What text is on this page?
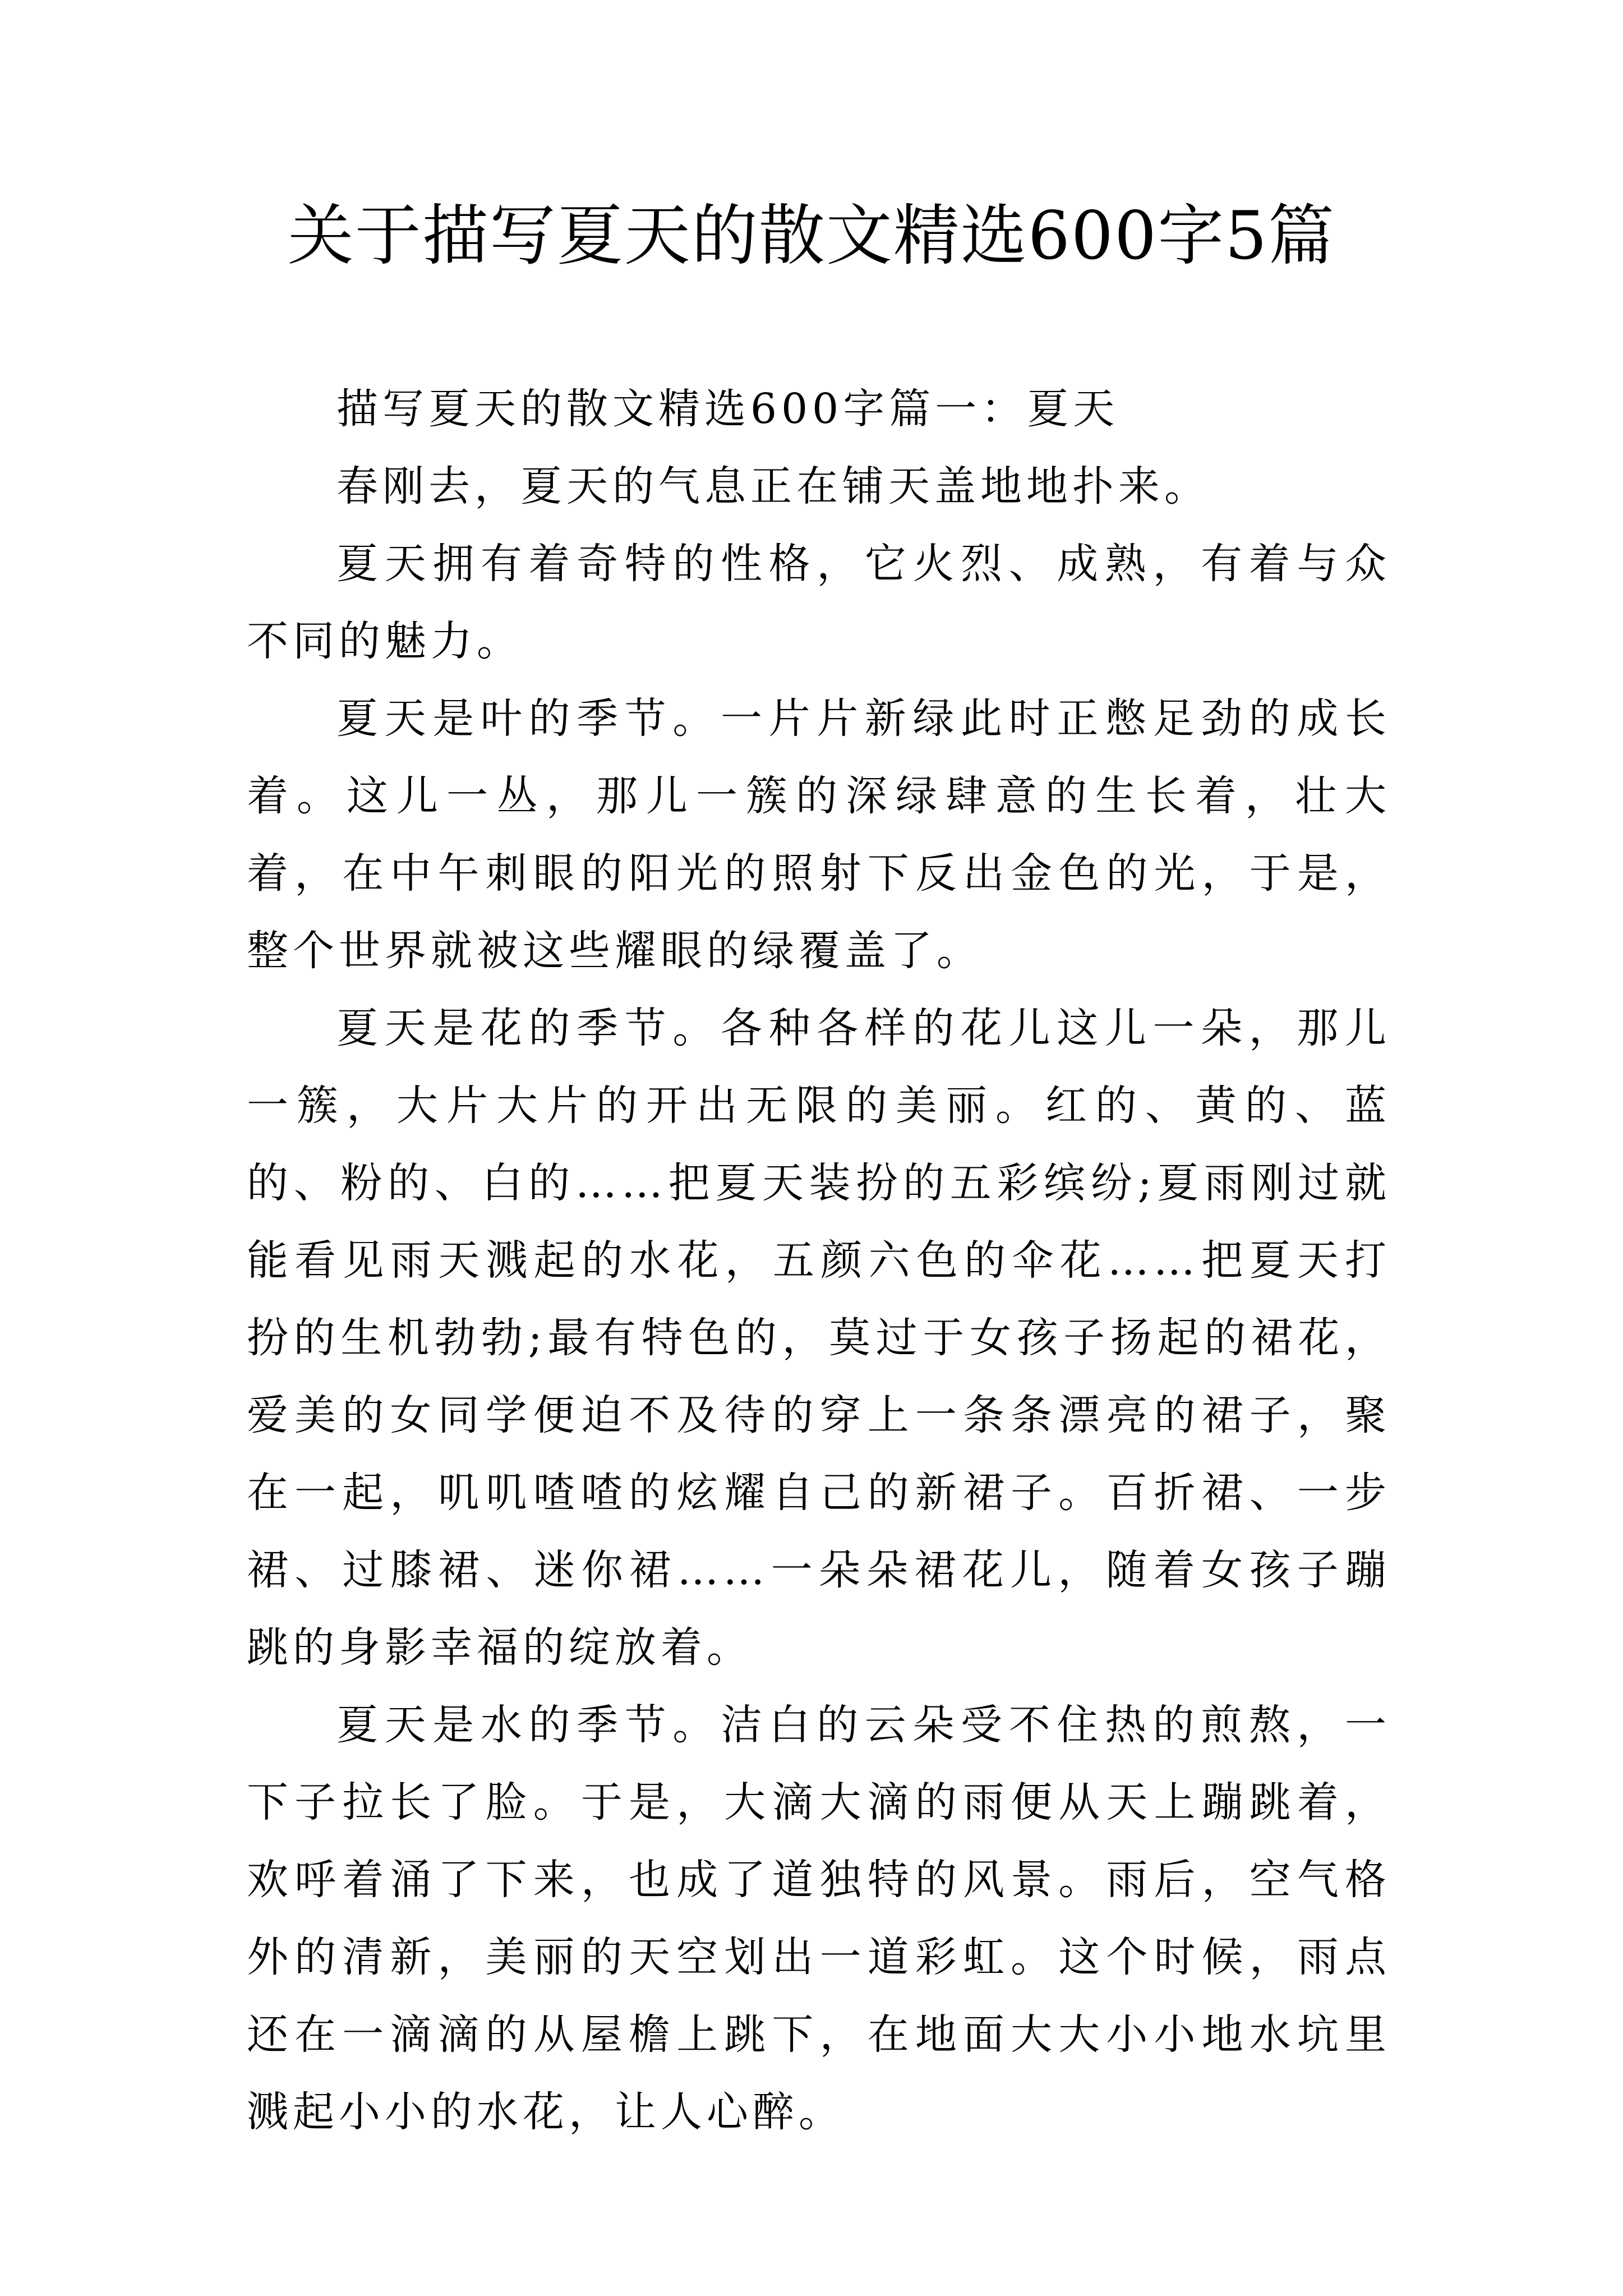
关于描写夏天的散文精选600字5篇

描写夏天的散文精选600字篇一：夏天

春刚去，夏天的气息正在铺天盖地地扑来。

夏天拥有着奇特的性格，它火烈、成熟，有着与众不同的魅力。

夏天是叶的季节。一片片新绿此时正憋足劲的成长着。这儿一丛，那儿一簇的深绿肆意的生长着，壮大着，在中午刺眼的阳光的照射下反出金色的光，于是，整个世界就被这些耀眼的绿覆盖了。

夏天是花的季节。各种各样的花儿这儿一朵，那儿一簇，大片大片的开出无限的美丽。红的、黄的、蓝的、粉的、白的……把夏天装扮的五彩缤纷;夏雨刚过就能看见雨天溅起的水花，五颜六色的伞花……把夏天打扮的生机勃勃;最有特色的，莫过于女孩子扬起的裙花，爱美的女同学便迫不及待的穿上一条条漂亮的裙子，聚在一起，叽叽喳喳的炫耀自己的新裙子。百折裙、一步裙、过膝裙、迷你裙……一朵朵裙花儿，随着女孩子蹦跳的身影幸福的绽放着。

夏天是水的季节。洁白的云朵受不住热的煎熬，一下子拉长了脸。于是，大滴大滴的雨便从天上蹦跳着，欢呼着涌了下来，也成了道独特的风景。雨后，空气格外的清新，美丽的天空划出一道彩虹。这个时候，雨点还在一滴滴的从屋檐上跳下，在地面大大小小地水坑里溅起小小的水花，让人心醉。
